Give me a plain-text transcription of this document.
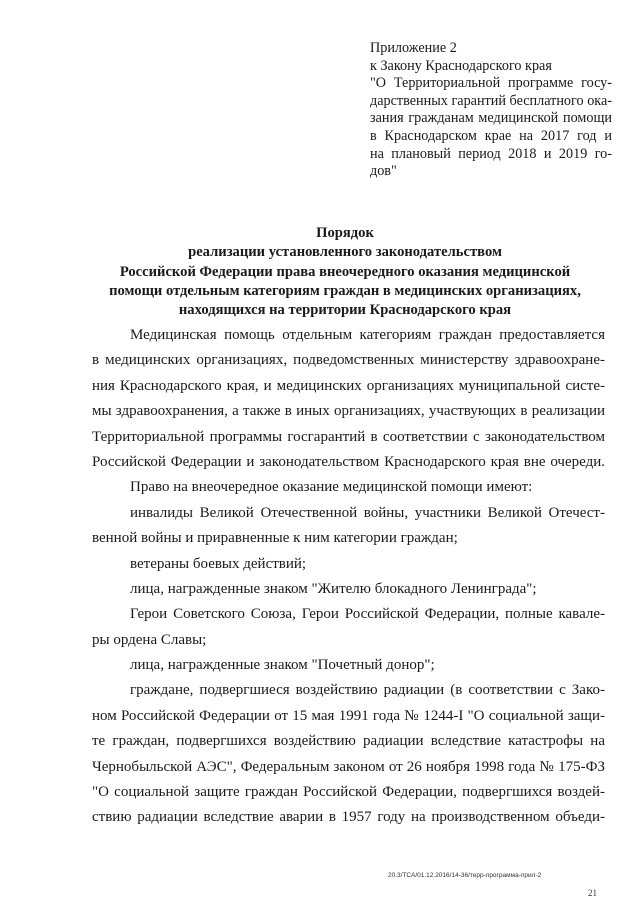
Приложение 2
к Закону Краснодарского края
"О Территориальной программе госу-
дарственных гарантий бесплатного ока-
зания гражданам медицинской помощи
в Краснодарском крае на 2017 год и
на плановый период 2018 и 2019 го-
дов"
Порядок
реализации установленного законодательством
Российской Федерации права внеочередного оказания медицинской
помощи отдельным категориям граждан в медицинских организациях,
находящихся на территории Краснодарского края
Медицинская помощь отдельным категориям граждан предоставляется
в медицинских организациях, подведомственных министерству здравоохране-
ния Краснодарского края, и медицинских организациях муниципальной систе-
мы здравоохранения, а также в иных организациях, участвующих в реализации
Территориальной программы госгарантий в соответствии с законодательством
Российской Федерации и законодательством Краснодарского края вне очереди.
Право на внеочередное оказание медицинской помощи имеют:
инвалиды Великой Отечественной войны, участники Великой Отечест-
венной войны и приравненные к ним категории граждан;
ветераны боевых действий;
лица, награжденные знаком "Жителю блокадного Ленинграда";
Герои Советского Союза, Герои Российской Федерации, полные кавале-
ры ордена Славы;
лица, награжденные знаком "Почетный донор";
граждане, подвергшиеся воздействию радиации (в соответствии с Зако-
ном Российской Федерации от 15 мая 1991 года № 1244-I "О социальной защи-
те граждан, подвергшихся воздействию радиации вследствие катастрофы на
Чернобыльской АЭС", Федеральным законом от 26 ноября 1998 года № 175-ФЗ
"О социальной защите граждан Российской Федерации, подвергшихся воздей-
ствию радиации вследствие аварии в 1957 году на производственном объеди-
20.3/ТСА/01.12.2016/14-36/терр-программа-прил-2
21
